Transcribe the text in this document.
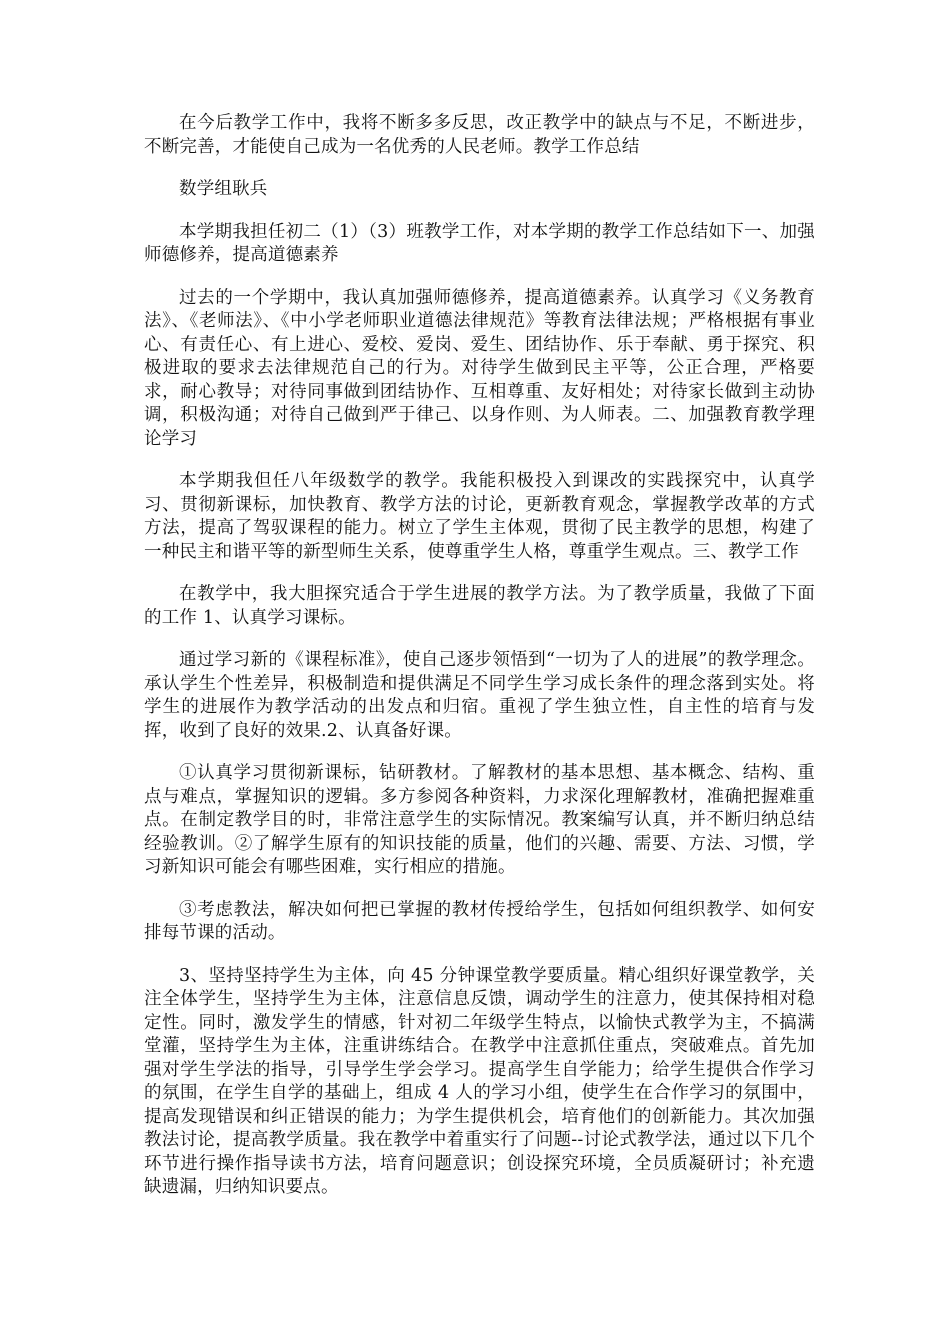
在今后教学工作中，我将不断多多反思，改正教学中的缺点与不足，不断进步，不断完善，才能使自己成为一名优秀的人民老师。教学工作总结

数学组耿兵

本学期我担任初二（1）（3）班教学工作，对本学期的教学工作总结如下一、加强师德修养，提高道德素养

过去的一个学期中，我认真加强师德修养，提高道德素养。认真学习《义务教育法》、《老师法》、《中小学老师职业道德法律规范》等教育法律法规；严格根据有事业心、有责任心、有上进心、爱校、爱岗、爱生、团结协作、乐于奉献、勇于探究、积极进取的要求去法律规范自己的行为。对待学生做到民主平等，公正合理，严格要求，耐心教导；对待同事做到团结协作、互相尊重、友好相处；对待家长做到主动协调，积极沟通；对待自己做到严于律己、以身作则、为人师表。二、加强教育教学理论学习

本学期我但任八年级数学的教学。我能积极投入到课改的实践探究中，认真学习、贯彻新课标，加快教育、教学方法的讨论，更新教育观念，掌握教学改革的方式方法，提高了驾驭课程的能力。树立了学生主体观，贯彻了民主教学的思想，构建了一种民主和谐平等的新型师生关系，使尊重学生人格，尊重学生观点。三、教学工作

在教学中，我大胆探究适合于学生进展的教学方法。为了教学质量，我做了下面的工作 1、认真学习课标。

通过学习新的《课程标准》，使自己逐步领悟到“一切为了人的进展”的教学理念。承认学生个性差异，积极制造和提供满足不同学生学习成长条件的理念落到实处。将学生的进展作为教学活动的出发点和归宿。重视了学生独立性，自主性的培育与发挥，收到了良好的效果.2、认真备好课。

①认真学习贯彻新课标，钻研教材。了解教材的基本思想、基本概念、结构、重点与难点，掌握知识的逻辑。多方参阅各种资料，力求深化理解教材，准确把握难重点。在制定教学目的时，非常注意学生的实际情况。教案编写认真，并不断归纳总结经验教训。②了解学生原有的知识技能的质量，他们的兴趣、需要、方法、习惯，学习新知识可能会有哪些困难，实行相应的措施。

③考虑教法，解决如何把已掌握的教材传授给学生，包括如何组织教学、如何安排每节课的活动。

3、坚持坚持学生为主体，向 45 分钟课堂教学要质量。精心组织好课堂教学，关注全体学生，坚持学生为主体，注意信息反馈，调动学生的注意力，使其保持相对稳定性。同时，激发学生的情感，针对初二年级学生特点，以愉快式教学为主，不搞满堂灌，坚持学生为主体，注重讲练结合。在教学中注意抓住重点，突破难点。首先加强对学生学法的指导，引导学生学会学习。提高学生自学能力；给学生提供合作学习的氛围，在学生自学的基础上，组成 4 人的学习小组，使学生在合作学习的氛围中，提高发现错误和纠正错误的能力；为学生提供机会，培育他们的创新能力。其次加强教法讨论，提高教学质量。我在教学中着重实行了问题--讨论式教学法，通过以下几个环节进行操作指导读书方法，培育问题意识；创设探究环境，全员质凝研讨；补充遗缺遗漏，归纳知识要点。
